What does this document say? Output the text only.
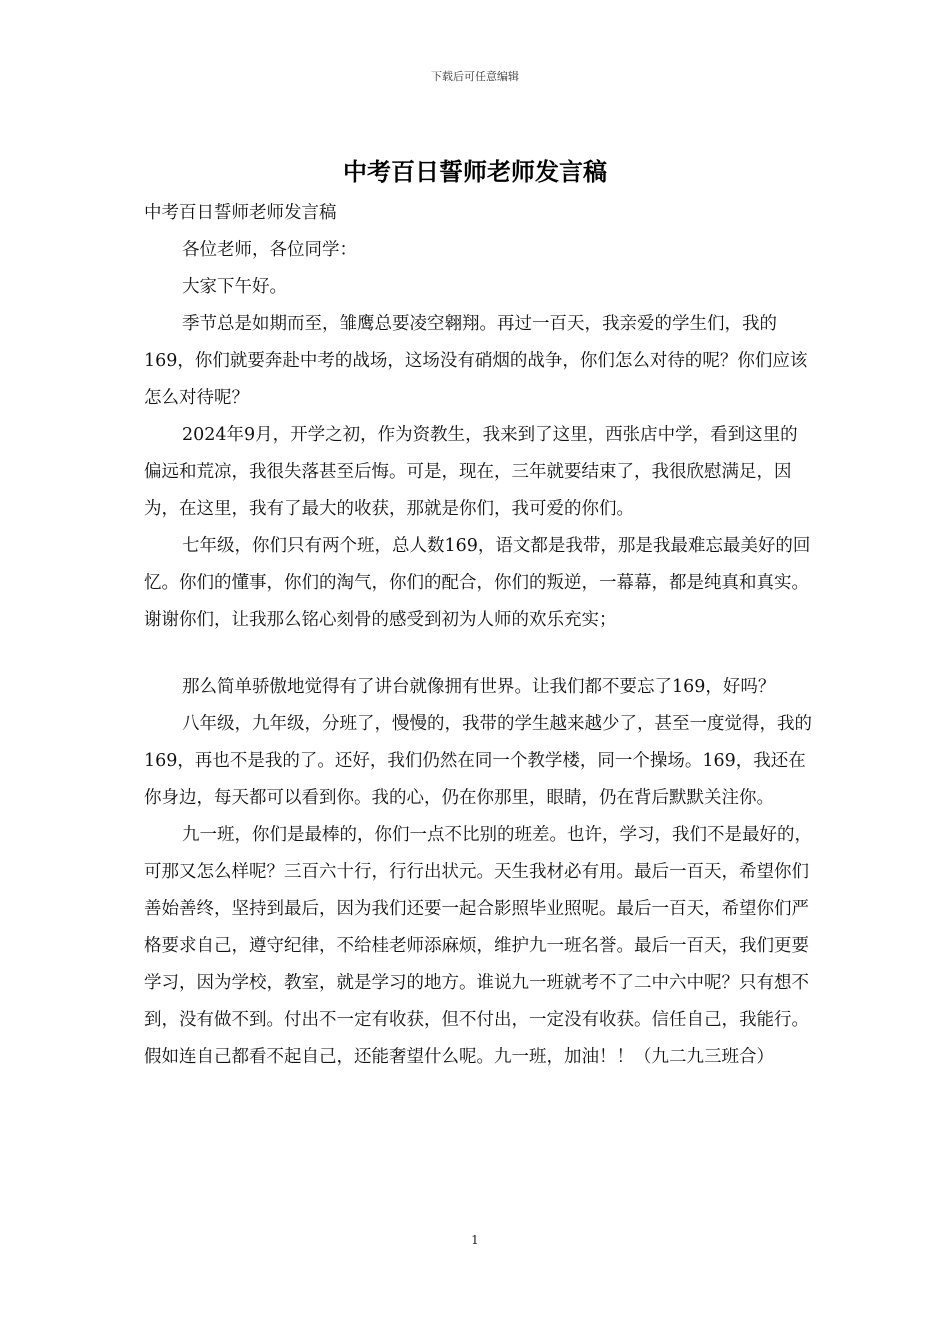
下载后可任意编辑
中考百日誓师老师发言稿

中考百日誓师老师发言稿

各位老师，各位同学：

大家下午好。

季节总是如期而至，雏鹰总要凌空翱翔。再过一百天，我亲爱的学生们，我的169，你们就要奔赴中考的战场，这场没有硝烟的战争，你们怎么对待的呢？你们应该怎么对待呢？

2024年9月，开学之初，作为资教生，我来到了这里，西张店中学，看到这里的偏远和荒凉，我很失落甚至后悔。可是，现在，三年就要结束了，我很欣慰满足，因为，在这里，我有了最大的收获，那就是你们，我可爱的你们。

七年级，你们只有两个班，总人数169，语文都是我带，那是我最难忘最美好的回忆。你们的懂事，你们的淘气，你们的配合，你们的叛逆，一幕幕，都是纯真和真实。谢谢你们，让我那么铭心刻骨的感受到初为人师的欢乐充实；

那么简单骄傲地觉得有了讲台就像拥有世界。让我们都不要忘了169，好吗？

八年级，九年级，分班了，慢慢的，我带的学生越来越少了，甚至一度觉得，我的169，再也不是我的了。还好，我们仍然在同一个教学楼，同一个操场。169，我还在你身边，每天都可以看到你。我的心，仍在你那里，眼睛，仍在背后默默关注你。

九一班，你们是最棒的，你们一点不比别的班差。也许，学习，我们不是最好的，可那又怎么样呢？三百六十行，行行出状元。天生我材必有用。最后一百天，希望你们善始善终，坚持到最后，因为我们还要一起合影照毕业照呢。最后一百天，希望你们严格要求自己，遵守纪律，不给桂老师添麻烦，维护九一班名誉。最后一百天，我们更要学习，因为学校，教室，就是学习的地方。谁说九一班就考不了二中六中呢？只有想不到，没有做不到。付出不一定有收获，但不付出，一定没有收获。信任自己，我能行。假如连自己都看不起自己，还能奢望什么呢。九一班，加油！！（九二九三班合）

1
